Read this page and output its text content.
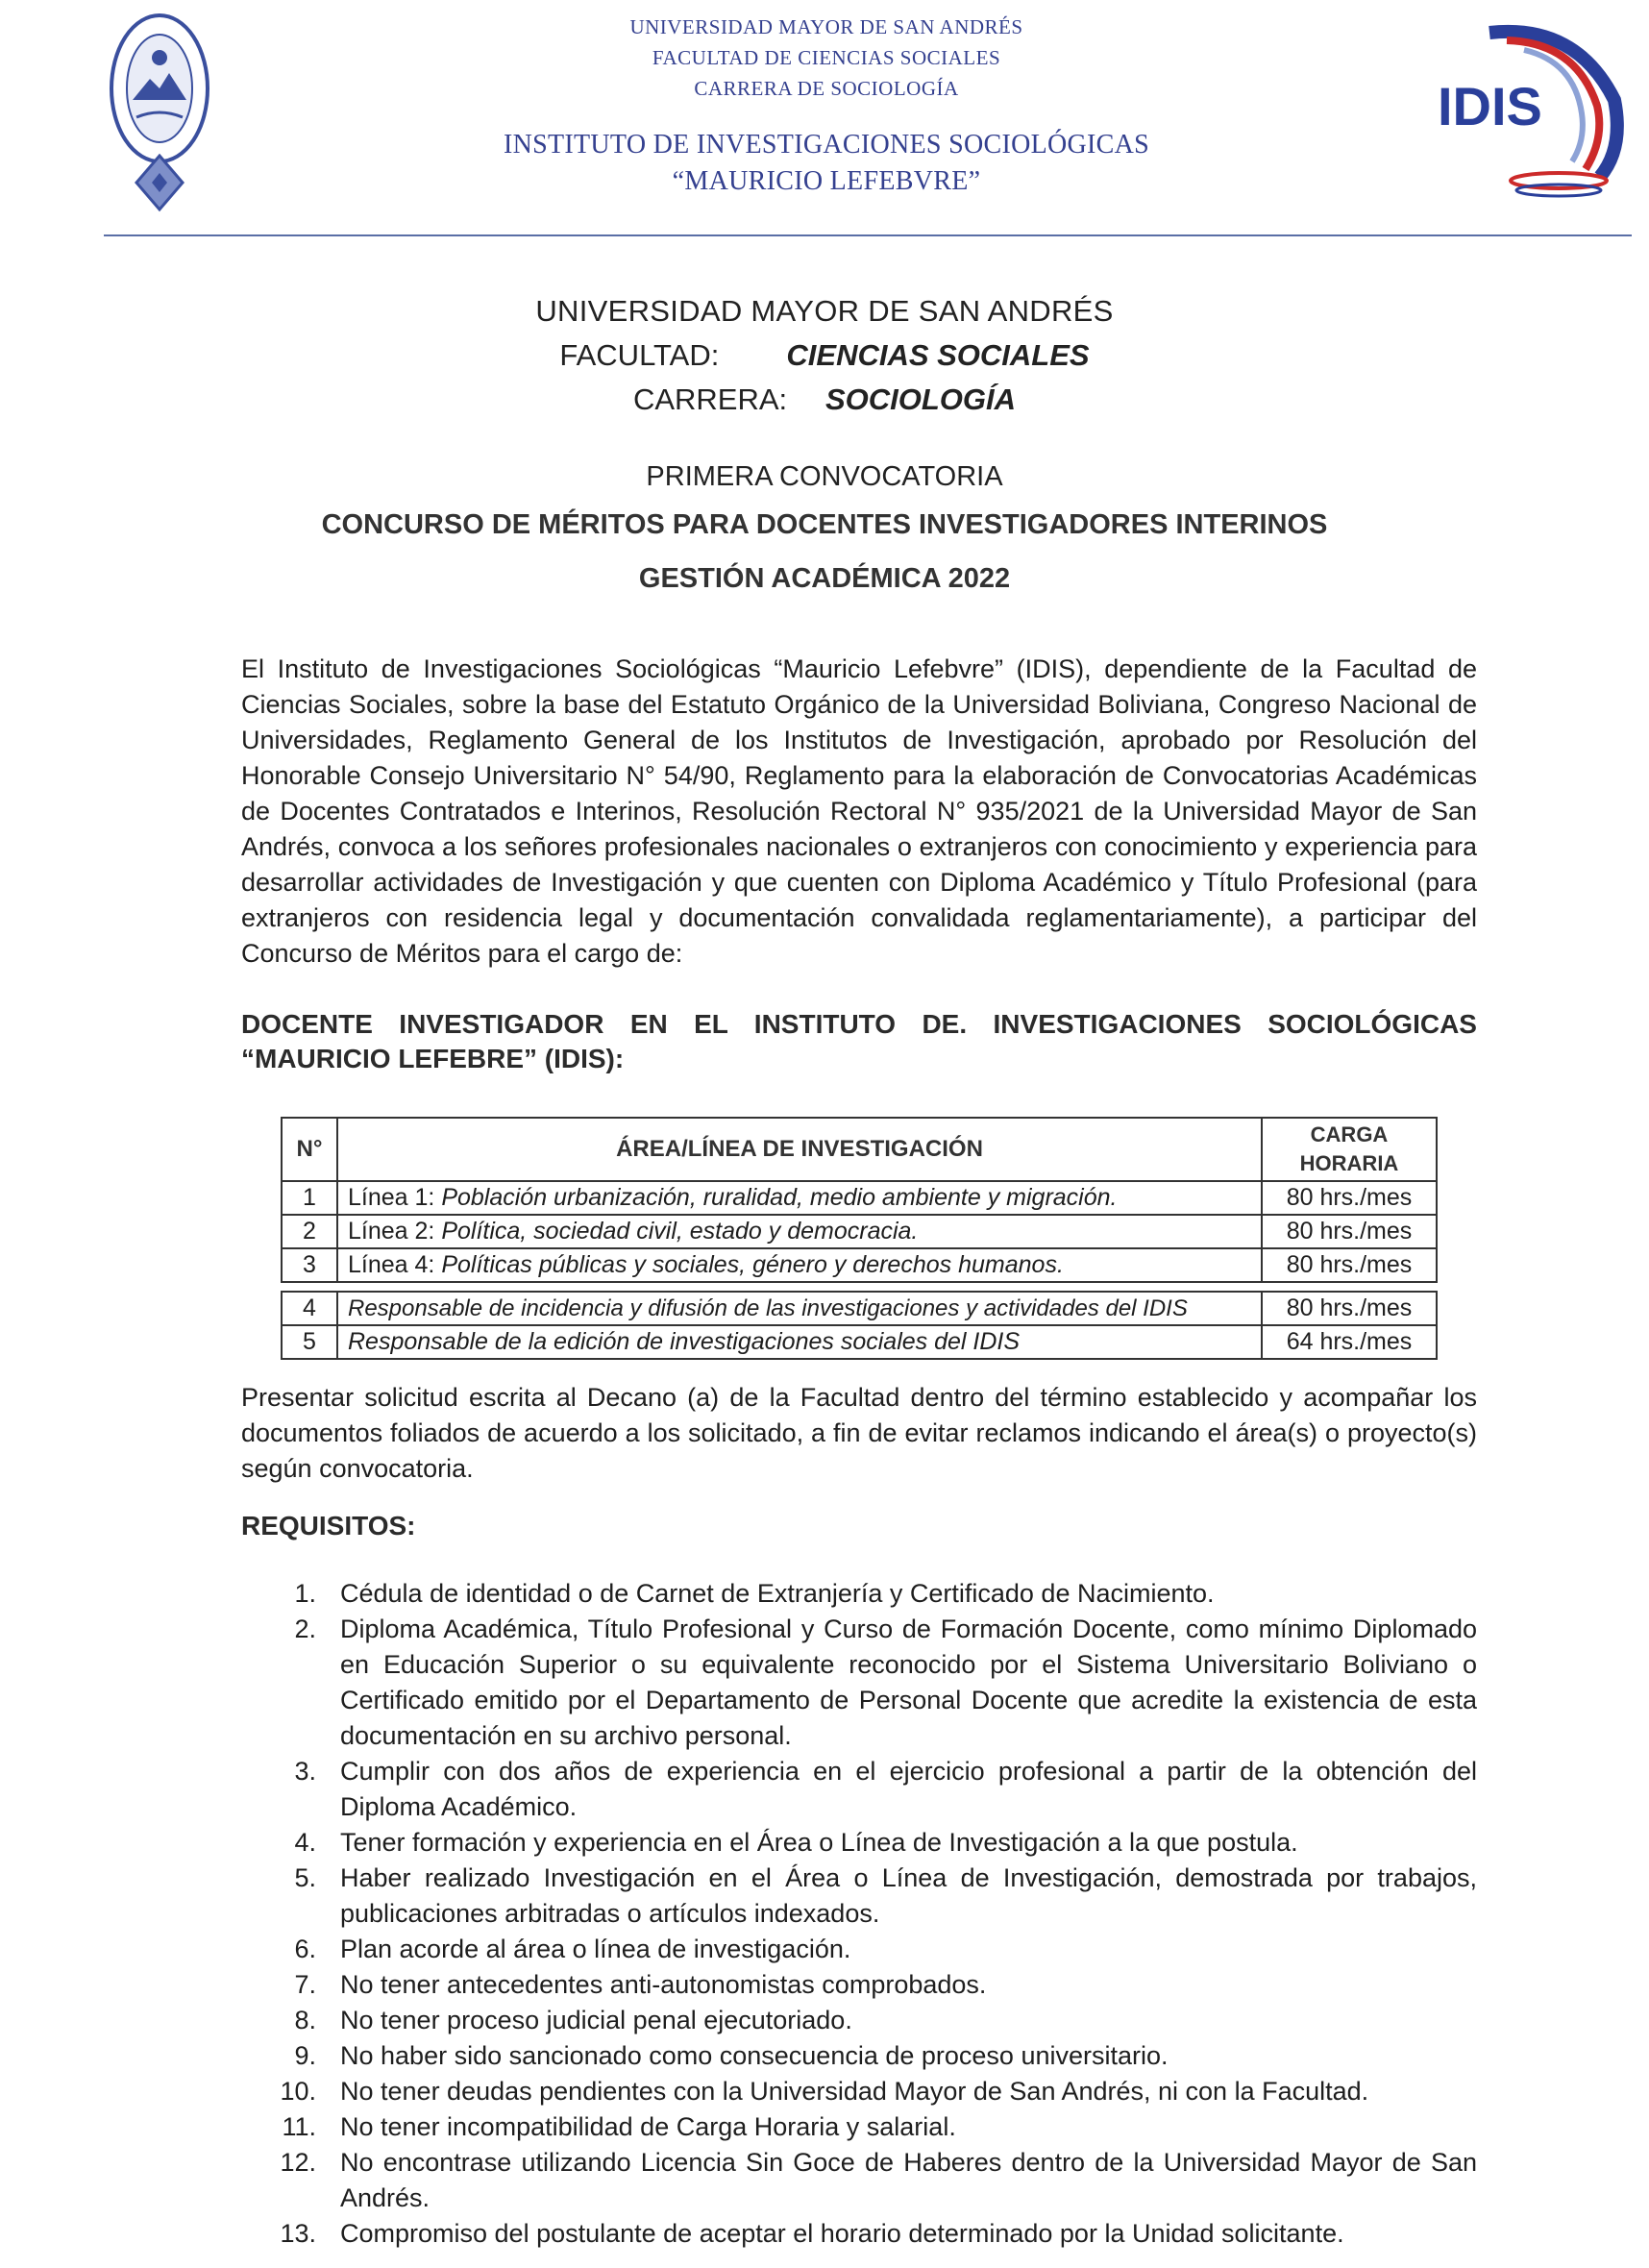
IDIS
UNIVERSIDAD MAYOR DE SAN ANDRÉS
FACULTAD DE CIENCIAS SOCIALES
CARRERA DE SOCIOLOGÍA
INSTITUTO DE INVESTIGACIONES SOCIOLÓGICAS
“MAURICIO LEFEBVRE”
UNIVERSIDAD MAYOR DE SAN ANDRÉS
FACULTAD: CIENCIAS SOCIALES
CARRERA: SOCIOLOGÍA
PRIMERA CONVOCATORIA
CONCURSO DE MÉRITOS PARA DOCENTES INVESTIGADORES INTERINOS
GESTIÓN ACADÉMICA 2022
El Instituto de Investigaciones Sociológicas “Mauricio Lefebvre” (IDIS), dependiente de la Facultad de Ciencias Sociales, sobre la base del Estatuto Orgánico de la Universidad Boliviana, Congreso Nacional de Universidades, Reglamento General de los Institutos de Investigación, aprobado por Resolución del Honorable Consejo Universitario N° 54/90, Reglamento para la elaboración de Convocatorias Académicas de Docentes Contratados e Interinos, Resolución Rectoral N° 935/2021 de la Universidad Mayor de San Andrés, convoca a los señores profesionales nacionales o extranjeros con conocimiento y experiencia para desarrollar actividades de Investigación y que cuenten con Diploma Académico y Título Profesional (para extranjeros con residencia legal y documentación convalidada reglamentariamente), a participar del Concurso de Méritos para el cargo de:
DOCENTE INVESTIGADOR EN EL INSTITUTO DE. INVESTIGACIONES SOCIOLÓGICAS
“MAURICIO LEFEBRE” (IDIS):
N°	ÁREA/LÍNEA DE INVESTIGACIÓN	CARGA
HORARIA
1	Línea 1: Población urbanización, ruralidad, medio ambiente y migración.	80 hrs./mes
2	Línea 2: Política, sociedad civil, estado y democracia.	80 hrs./mes
3	Línea 4: Políticas públicas y sociales, género y derechos humanos.	80 hrs./mes

4	Responsable de incidencia y difusión de las investigaciones y actividades del IDIS	80 hrs./mes
5	Responsable de la edición de investigaciones sociales del IDIS	64 hrs./mes
Presentar solicitud escrita al Decano (a) de la Facultad dentro del término establecido y acompañar los documentos foliados de acuerdo a los solicitado, a fin de evitar reclamos indicando el área(s) o proyecto(s) según convocatoria.
REQUISITOS:
1. Cédula de identidad o de Carnet de Extranjería y Certificado de Nacimiento.
2. Diploma Académica, Título Profesional y Curso de Formación Docente, como mínimo Diplomado en Educación Superior o su equivalente reconocido por el Sistema Universitario Boliviano o Certificado emitido por el Departamento de Personal Docente que acredite la existencia de esta documentación en su archivo personal.
3. Cumplir con dos años de experiencia en el ejercicio profesional a partir de la obtención del Diploma Académico.
4. Tener formación y experiencia en el Área o Línea de Investigación a la que postula.
5. Haber realizado Investigación en el Área o Línea de Investigación, demostrada por trabajos, publicaciones arbitradas o artículos indexados.
6. Plan acorde al área o línea de investigación.
7. No tener antecedentes anti-autonomistas comprobados.
8. No tener proceso judicial penal ejecutoriado.
9. No haber sido sancionado como consecuencia de proceso universitario.
10. No tener deudas pendientes con la Universidad Mayor de San Andrés, ni con la Facultad.
11. No tener incompatibilidad de Carga Horaria y salarial.
12. No encontrase utilizando Licencia Sin Goce de Haberes dentro de la Universidad Mayor de San Andrés.
13. Compromiso del postulante de aceptar el horario determinado por la Unidad solicitante.
